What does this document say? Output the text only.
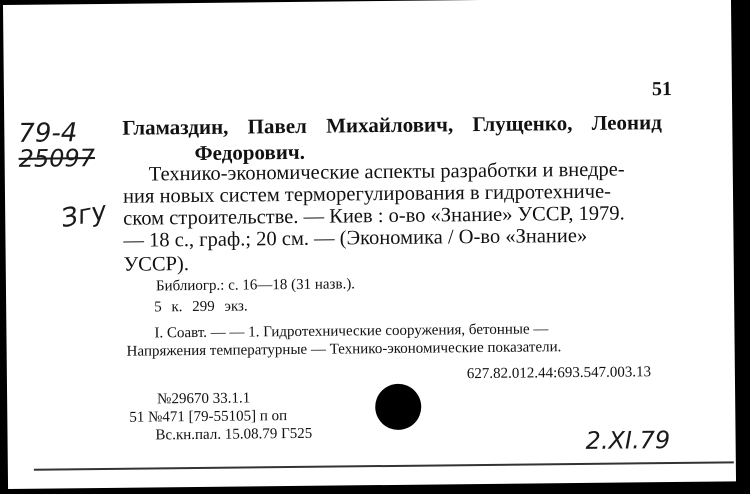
51
79-4
25097
Згу
Гламаздин, Павел Михайлович, Глущенко, Леонид
Федорович.
Технико-экономические аспекты разработки и внедре-
ния новых систем терморегулирования в гидротехниче-
ском строительстве. — Киев : о-во «Знание» УССР, 1979.
— 18 с., граф.; 20 см. — (Экономика / О-во «Знание»
УССР).
Библиогр.: с. 16—18 (31 назв.).
5 к. 299 экз.
I. Соавт. — — 1. Гидротехнические сооружения, бетонные —
Напряжения температурные — Технико-экономические показатели.
627.82.012.44:693.547.003.13
№29670 33.1.1
51 №471 [79-55105] п оп
Вс.кн.пал. 15.08.79 Г525	2.XI.79
